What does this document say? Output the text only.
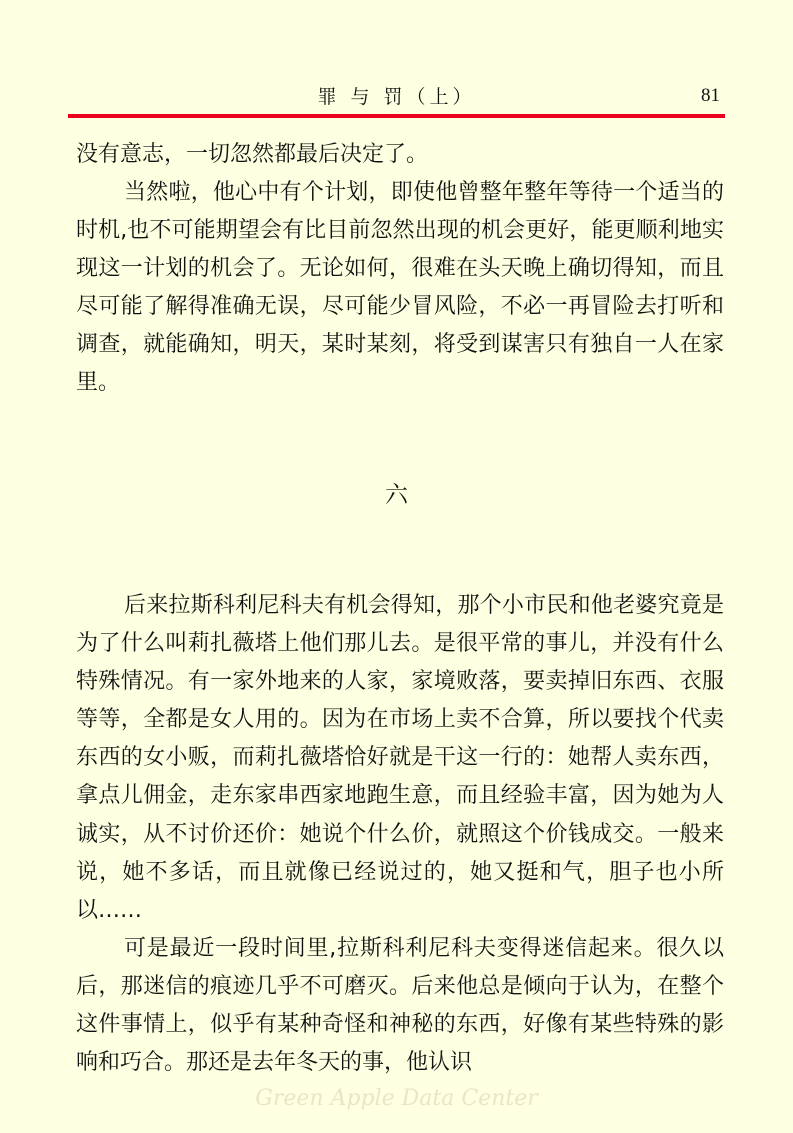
罪 与 罚（上）	81

没有意志，一切忽然都最后决定了。

当然啦，他心中有个计划，即使他曾整年整年等待一个适当的时机,也不可能期望会有比目前忽然出现的机会更好，能更顺利地实现这一计划的机会了。无论如何，很难在头天晚上确切得知，而且尽可能了解得准确无误，尽可能少冒风险，不必一再冒险去打听和调查，就能确知，明天，某时某刻，将受到谋害只有独自一人在家里。

六

后来拉斯科利尼科夫有机会得知，那个小市民和他老婆究竟是为了什么叫莉扎薇塔上他们那儿去。是很平常的事儿，并没有什么特殊情况。有一家外地来的人家，家境败落，要卖掉旧东西、衣服等等，全都是女人用的。因为在市场上卖不合算，所以要找个代卖东西的女小贩，而莉扎薇塔恰好就是干这一行的：她帮人卖东西，拿点儿佣金，走东家串西家地跑生意，而且经验丰富，因为她为人诚实，从不讨价还价：她说个什么价，就照这个价钱成交。一般来说，她不多话，而且就像已经说过的，她又挺和气，胆子也小所以……

可是最近一段时间里,拉斯科利尼科夫变得迷信起来。很久以后，那迷信的痕迹几乎不可磨灭。后来他总是倾向于认为，在整个这件事情上，似乎有某种奇怪和神秘的东西，好像有某些特殊的影响和巧合。那还是去年冬天的事，他认识

Green Apple Data Center
